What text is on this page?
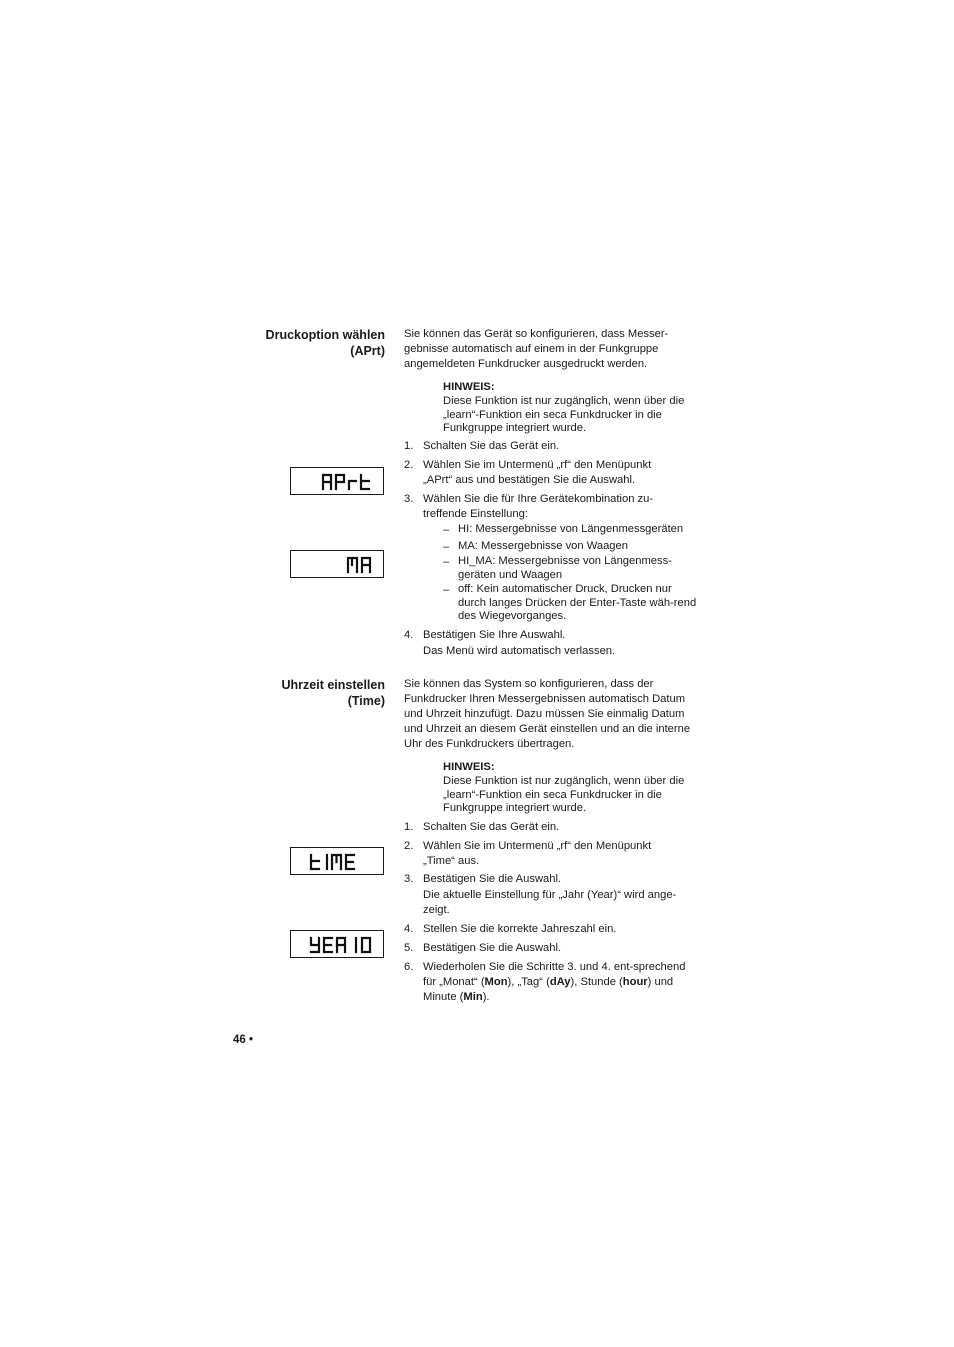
Druckoption wählen
(APrt)
Sie können das Gerät so konfigurieren, dass Messer-gebnisse automatisch auf einem in der Funkgruppe angemeldeten Funkdrucker ausgedruckt werden.
HINWEIS:
Diese Funktion ist nur zugänglich, wenn über die „learn“-Funktion ein seca Funkdrucker in die Funkgruppe integriert wurde.
1. Schalten Sie das Gerät ein.
2. Wählen Sie im Untermenü „rf“ den Menüpunkt „APrt“ aus und bestätigen Sie die Auswahl.
3. Wählen Sie die für Ihre Gerätekombination zu-treffende Einstellung:
– HI: Messergebnisse von Längenmessgeräten
– MA: Messergebnisse von Waagen
– HI_MA: Messergebnisse von Längenmess-geräten und Waagen
– off: Kein automatischer Druck, Drucken nur durch langes Drücken der Enter-Taste wäh-rend des Wiegevorganges.
4. Bestätigen Sie Ihre Auswahl.
Das Menü wird automatisch verlassen.
Uhrzeit einstellen
(Time)
Sie können das System so konfigurieren, dass der Funkdrucker Ihren Messergebnissen automatisch Datum und Uhrzeit hinzufügt. Dazu müssen Sie einmalig Datum und Uhrzeit an diesem Gerät einstellen und an die interne Uhr des Funkdruckers übertragen.
HINWEIS:
Diese Funktion ist nur zugänglich, wenn über die „learn“-Funktion ein seca Funkdrucker in die Funkgruppe integriert wurde.
1. Schalten Sie das Gerät ein.
2. Wählen Sie im Untermenü „rf“ den Menüpunkt „Time“ aus.
3. Bestätigen Sie die Auswahl.
Die aktuelle Einstellung für „Jahr (Year)“ wird ange-zeigt.
4. Stellen Sie die korrekte Jahreszahl ein.
5. Bestätigen Sie die Auswahl.
6. Wiederholen Sie die Schritte 3. und 4. ent-sprechend für „Monat“ (Mon), „Tag“ (dAy), Stunde (hour) und Minute (Min).
46 •
